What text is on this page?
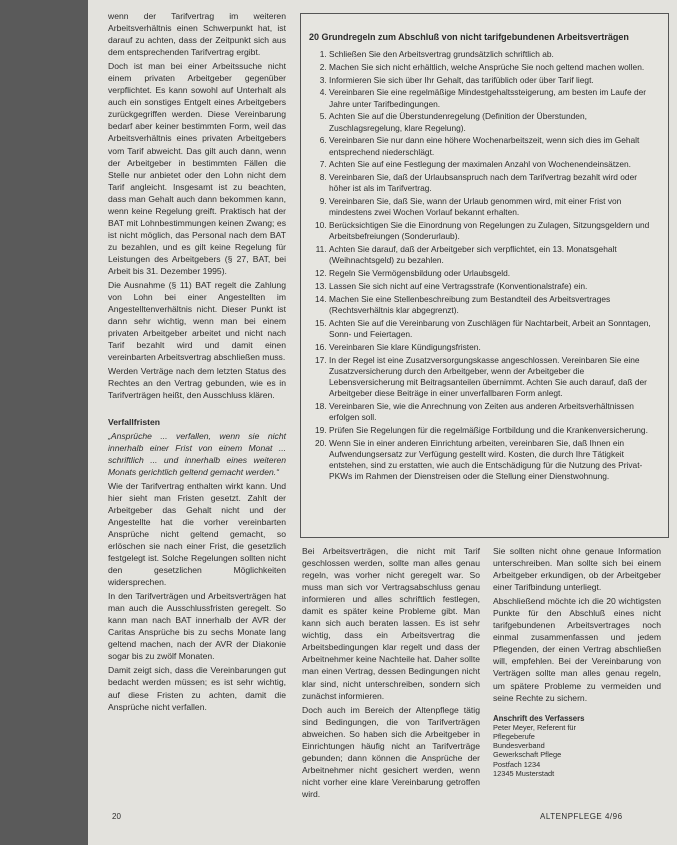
wenn der Tarifvertrag im weiteren Arbeitsverhältnis einen Schwerpunkt hat, ist darauf zu achten, dass der Zeitpunkt sich aus dem entsprechenden Tarifvertrag ergibt.

Doch ist man bei einer Arbeitssuche nicht einem privaten Arbeitgeber gegenüber verpflichtet. Es kann sowohl auf Unterhalt als auch ein sonstiges Entgelt eines Arbeitgebers zurückgegriffen werden. Diese Vereinbarung bedarf aber keiner bestimmten Form, weil das Arbeitsverhältnis eines privaten Arbeitgebers vom Tarif abweicht. Das gilt auch dann, wenn der Arbeitgeber in bestimmten Fällen die Stelle nur anbietet oder den Lohn nicht dem Tarif angleicht. Insgesamt ist zu beachten, dass man Gehalt auch dann bekommen kann, wenn keine Regelung greift. Praktisch hat der BAT mit Lohnbestimmungen keinen Zwang; es ist nicht möglich, das Personal nach dem BAT zu bezahlen, und es gilt keine Regelung für Leistungen des Arbeitgebers (§ 27, BAT, bei Arbeit bis 31. Dezember 1995).

Die Ausnahme (§ 11) BAT regelt die Zahlung von Lohn bei einer Angestellten im Angestelltenverhältnis nicht. Dieser Punkt ist dann sehr wichtig, wenn man bei einem privaten Arbeitgeber arbeitet und nicht nach Tarif bezahlt wird und damit einen vereinbarten Arbeitsvertrag abschließen muss.

Werden Verträge nach dem letzten Status des Rechtes an den Vertrag gebunden, wie es in Tarifverträgen heißt, den Ausschluss klären.

Verfallfristen

„Ansprüche ... verfallen, wenn sie nicht innerhalb einer Frist von einem Monat ... schriftlich ... und innerhalb eines weiteren Monats gerichtlich geltend gemacht werden.“

Wie der Tarifvertrag enthalten wirkt kann. Und hier sieht man Fristen gesetzt. Zahlt der Arbeitgeber das Gehalt nicht und der Angestellte hat die vorher vereinbarten Ansprüche nicht geltend gemacht, so erlöschen sie nach einer Frist, die gesetzlich festgelegt ist. Solche Regelungen sollten nicht den gesetzlichen Möglichkeiten widersprechen.

In den Tarifverträgen und Arbeitsverträgen hat man auch die Ausschlussfristen geregelt. So kann man nach BAT innerhalb der AVR der Caritas Ansprüche bis zu sechs Monate lang geltend machen, nach der AVR der Diakonie sogar bis zu zwölf Monaten.

Damit zeigt sich, dass die Vereinbarungen gut bedacht werden müssen; es ist sehr wichtig, auf diese Fristen zu achten, damit die Ansprüche nicht verfallen.

20 Grundregeln zum Abschluß von nicht tarifgebundenen Arbeitsverträgen
1. Schließen Sie den Arbeitsvertrag grundsätzlich schriftlich ab.
2. Machen Sie sich nicht erhältlich, welche Ansprüche Sie noch geltend machen wollen.
3. Informieren Sie sich über Ihr Gehalt, das tarifüblich oder über Tarif liegt.
4. Vereinbaren Sie eine regelmäßige Mindestgehaltssteigerung, am besten im Laufe der Jahre unter Tarifbedingungen.
5. Achten Sie auf die Überstundenregelung (Definition der Überstunden, Zuschlagsregelung, klare Regelung).
6. Vereinbaren Sie nur dann eine höhere Wochenarbeitszeit, wenn sich dies im Gehalt entsprechend niederschlägt.
7. Achten Sie auf eine Festlegung der maximalen Anzahl von Wochenendeinsätzen.
8. Vereinbaren Sie, daß der Urlaubsanspruch nach dem Tarifvertrag bezahlt wird oder höher ist als im Tarifvertrag.
9. Vereinbaren Sie, daß Sie, wann der Urlaub genommen wird, mit einer Frist von mindestens zwei Wochen Vorlauf bekannt erhalten.
10. Berücksichtigen Sie die Einordnung von Regelungen zu Zulagen, Sitzungsgeldern und Arbeitsbefreiungen (Sonderurlaub).
11. Achten Sie darauf, daß der Arbeitgeber sich verpflichtet, ein 13. Monatsgehalt (Weihnachtsgeld) zu bezahlen.
12. Regeln Sie Vermögensbildung oder Urlaubsgeld.
13. Lassen Sie sich nicht auf eine Vertragsstrafe (Konventionalstrafe) ein.
14. Machen Sie eine Stellenbeschreibung zum Bestandteil des Arbeitsvertrages (Rechtsverhältnis klar abgegrenzt).
15. Achten Sie auf die Vereinbarung von Zuschlägen für Nachtarbeit, Arbeit an Sonntagen, Sonn- und Feiertagen.
16. Vereinbaren Sie klare Kündigungsfristen.
17. In der Regel ist eine Zusatzversorgungskasse angeschlossen. Vereinbaren Sie eine Zusatzversicherung durch den Arbeitgeber, wenn der Arbeitgeber die Lebensversicherung mit Beitragsanteilen übernimmt. Achten Sie auch darauf, daß der Arbeitgeber diese Beiträge in einer unverfallbaren Form anlegt.
18. Vereinbaren Sie, wie die Anrechnung von Zeiten aus anderen Arbeitsverhältnissen erfolgen soll.
19. Prüfen Sie Regelungen für die regelmäßige Fortbildung und die Krankenversicherung.
20. Wenn Sie in einer anderen Einrichtung arbeiten, vereinbaren Sie, daß Ihnen ein Aufwendungsersatz zur Verfügung gestellt wird. Kosten, die durch Ihre Tätigkeit entstehen, sind zu erstatten, wie auch die Entschädigung für die Nutzung des Privat-PKWs im Rahmen der Dienstreisen oder die Stellung einer Dienstwohnung.

Bei Arbeitsverträgen, die nicht mit Tarif geschlossen werden, sollte man alles genau regeln, was vorher nicht geregelt war. So muss man sich vor Vertragsabschluss genau informieren und alles schriftlich festlegen, damit es später keine Probleme gibt. Man kann sich auch beraten lassen. Es ist sehr wichtig, dass ein Arbeitsvertrag die Arbeitsbedingungen klar regelt und dass der Arbeitnehmer keine Nachteile hat. Daher sollte man einen Vertrag, dessen Bedingungen nicht klar sind, nicht unterschreiben, sondern sich zunächst informieren.

Doch auch im Bereich der Altenpflege tätig sind Bedingungen, die von Tarifverträgen abweichen. So haben sich die Arbeitgeber in Einrichtungen häufig nicht an Tarifverträge gebunden; dann können die Ansprüche der Arbeitnehmer nicht gesichert werden, wenn nicht vorher eine klare Vereinbarung getroffen wird.

Sie sollten nicht ohne genaue Information unterschreiben. Man sollte sich bei einem Arbeitgeber erkundigen, ob der Arbeitgeber einer Tarifbindung unterliegt.

Abschließend möchte ich die 20 wichtigsten Punkte für den Abschluß eines nicht tarifgebundenen Arbeitsvertrages noch einmal zusammenfassen und jedem Pflegenden, der einen Vertrag abschließen will, empfehlen. Bei der Vereinbarung von Verträgen sollte man alles genau regeln, um spätere Probleme zu vermeiden und seine Rechte zu sichern.

Anschrift des Verfassers
Peter Meyer, Referent für
Pflegeberufe
Bundesverband
Gewerkschaft Pflege
Postfach 1234
12345 Musterstadt
20	ALTENPFLEGE 4/96
